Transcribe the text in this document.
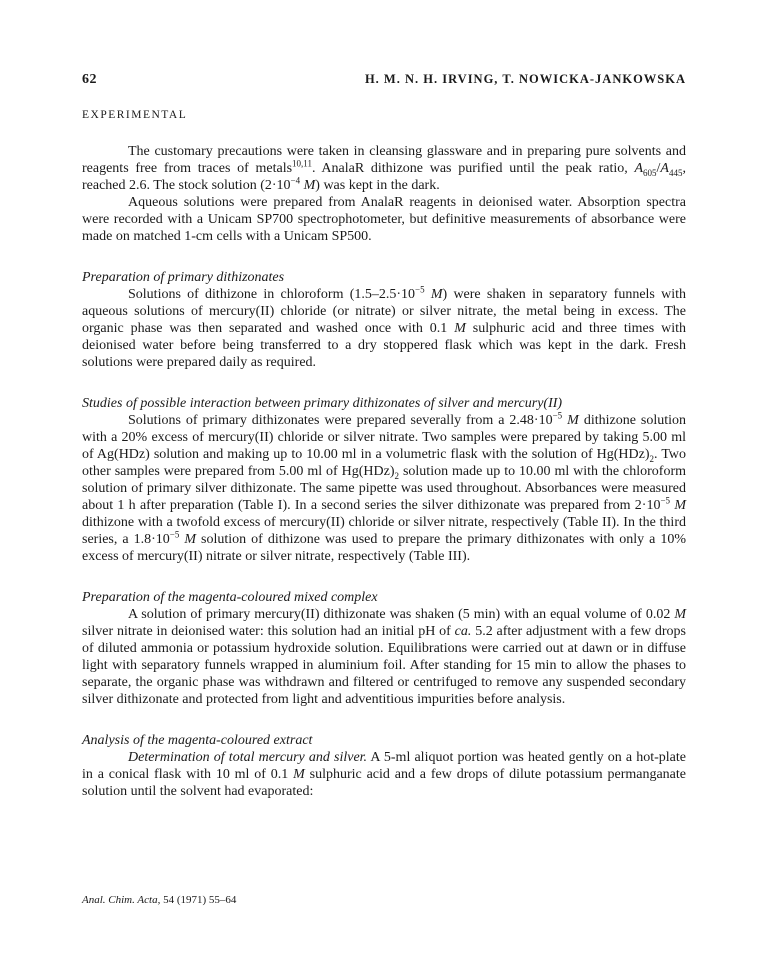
62	H. M. N. H. IRVING, T. NOWICKA-JANKOWSKA
EXPERIMENTAL

The customary precautions were taken in cleansing glassware and in preparing pure solvents and reagents free from traces of metals$^{10,11}$. AnalaR dithizone was purified until the peak ratio, $A_{605}/A_{445}$, reached 2.6. The stock solution ($2\cdot 10^{-4}$ M) was kept in the dark.

Aqueous solutions were prepared from AnalaR reagents in deionised water. Absorption spectra were recorded with a Unicam SP700 spectrophotometer, but definitive measurements of absorbance were made on matched 1-cm cells with a Unicam SP500.

Preparation of primary dithizonates

Solutions of dithizone in chloroform ($1.5-2.5\cdot 10^{-5}$ M) were shaken in separatory funnels with aqueous solutions of mercury(II) chloride (or nitrate) or silver nitrate, the metal being in excess. The organic phase was then separated and washed once with 0.1 M sulphuric acid and three times with deionised water before being transferred to a dry stoppered flask which was kept in the dark. Fresh solutions were prepared daily as required.

Studies of possible interaction between primary dithizonates of silver and mercury(II)

Solutions of primary dithizonates were prepared severally from a $2.48\cdot 10^{-5}$ M dithizone solution with a 20% excess of mercury(II) chloride or silver nitrate. Two samples were prepared by taking 5.00 ml of Ag(HDz) solution and making up to 10.00 ml in a volumetric flask with the solution of $Hg(HDz)_2$. Two other samples were prepared from 5.00 ml of $Hg(HDz)_2$ solution made up to 10.00 ml with the chloroform solution of primary silver dithizonate. The same pipette was used throughout. Absorbances were measured about 1 h after preparation (Table I). In a second series the silver dithizonate was prepared from $2\cdot 10^{-5}$ M dithizone with a twofold excess of mercury(II) chloride or silver nitrate, respectively (Table II). In the third series, a $1.8\cdot 10^{-5}$ M solution of dithizone was used to prepare the primary dithizonates with only a 10% excess of mercury(II) nitrate or silver nitrate, respectively (Table III).

Preparation of the magenta-coloured mixed complex

A solution of primary mercury(II) dithizonate was shaken (5 min) with an equal volume of 0.02 M silver nitrate in deionised water: this solution had an initial pH of ca. 5.2 after adjustment with a few drops of diluted ammonia or potassium hydroxide solution. Equilibrations were carried out at dawn or in diffuse light with separatory funnels wrapped in aluminium foil. After standing for 15 min to allow the phases to separate, the organic phase was withdrawn and filtered or centrifuged to remove any suspended secondary silver dithizonate and protected from light and adventitious impurities before analysis.

Analysis of the magenta-coloured extract

Determination of total mercury and silver. A 5-ml aliquot portion was heated gently on a hot-plate in a conical flask with 10 ml of 0.1 M sulphuric acid and a few drops of dilute potassium permanganate solution until the solvent had evaporated:

Anal. Chim. Acta, 54 (1971) 55–64
